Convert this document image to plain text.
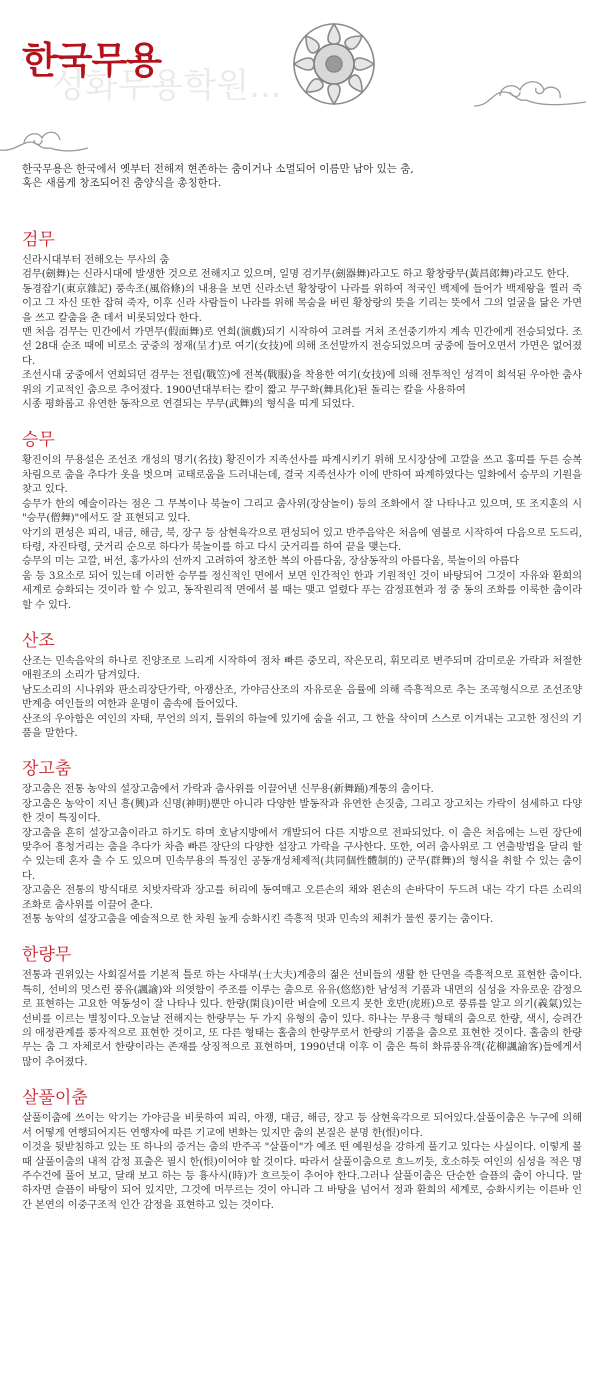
성화무용학원...
한국무용

한국무용은 한국에서 옛부터 전해져 현존하는 춤이거나 소멸되어 이름만 남아 있는 춤,

혹은 새롭게 창조되어진 춤양식을 총칭한다.

검무

신라시대부터 전해오는 무사의 춤

검무(劍舞)는 신라시대에 발생한 것으로 전해지고 있으며, 일명 검기무(劍器舞)라고도 하고 황창랑무(黃昌郎舞)라고도 한다.

동경잡기(東京雜記) 풍속조(風俗條)의 내용을 보면 신라소년 황창랑이 나라를 위하여 적국인 백제에 들어가 백제왕을 찔러 죽이고 그 자신 또한 잡혀 죽자, 이후 신라 사람들이 나라를 위해 목숨을 버린 황창랑의 뜻을 기리는 뜻에서 그의 얼굴을 닮은 가면을 쓰고 칼춤을 춘 데서 비롯되었다 한다.

맨 처음 검무는 민간에서 가면무(假面舞)로 연희(演戲)되기 시작하여 고려를 거쳐 조선중기까지 계속 민간에게 전승되었다. 조선 28대 순조 때에 비로소 궁중의 정재(呈才)로 여기(女技)에 의해 조선말까지 전승되었으며 궁중에 들어오면서 가면은 없어졌다.

조선시대 궁중에서 연희되던 검무는 전립(戰笠)에 전복(戰服)을 착용한 여기(女技)에 의해 전투적인 성격이 희석된 우아한 춤사위의 기교적인 춤으로 추어졌다. 1900년대부터는 칼이 짧고 무구화(舞具化)된 돌리는 칼을 사용하여

시종 평화롭고 유연한 동작으로 연결되는 무무(武舞)의 형식을 띠게 되었다.

승무

황진이의 무용설은 조선조 개성의 명기(名技) 황진이가 지족선사를 파계시키기 위해 모시장삼에 고깔을 쓰고 홍띠를 두른 승복차림으로 춤을 추다가 옷을 벗으며 교태로움을 드러내는데, 결국 지족선사가 이에 반하여 파계하였다는 일화에서 승무의 기원을 찾고 있다.

승무가 한의 예술이라는 점은 그 무복이나 북놀이 그리고 춤사위(장삼놀이) 등의 조화에서 잘 나타나고 있으며, 또 조지훈의 시 "승무(僧舞)"에서도 잘 표현되고 있다.

악기의 편성은 피리, 내금, 해금, 북, 장구 등 삼현육각으로 편성되어 있고 반주음악은 처음에 염불로 시작하여 다음으로 도드리, 타령, 자진타령, 굿거리 순으로 하다가 북놀이를 하고 다시 굿거리를 하여 끝을 맺는다.

승무의 미는 고깔, 버선, 홍가사의 선까지 고려하여 창조한 복의 아름다움, 장삼동작의 아름다움, 북놀이의 아름다

움 등 3요소로 되어 있는데 이러한 승무를 정신적인 면에서 보면 인간적인 한과 기원적인 것이 바탕되어 그것이 자유와 환희의 세계로 승화되는 것이라 할 수 있고, 동작원리적 면에서 볼 때는 맺고 얼렸다 푸는 감정표현과 정 중 동의 조화를 이룩한 춤이라 할 수 있다.

산조

산조는 민속음악의 하나로 진양조로 느리게 시작하여 점차 빠른 중모리, 작은모리, 휘모리로 변주되며 감미로운 가락과 처절한 애원조의 소리가 담겨있다.

남도소리의 시나위와 판소리장단가락, 아쟁산조, 가야금산조의 자유로운 음률에 의해 즉흥적으로 추는 조곡형식으로 조선조양반계층 여인들의 여한과 운명이 춤속에 들어있다.

산조의 우아함은 여인의 자태, 무언의 의지, 틀위의 하늘에 있기에 숨을 쉬고, 그 한을 삭이며 스스로 이겨내는 고고한 정신의 기품을 말한다.

장고춤

장고춤은 전통 농악의 설장고춤에서 가락과 춤사위를 이끌어낸 신무용(新舞踊)계통의 춤이다.

장고춤은 농악이 지닌 흥(興)과 신명(神明)뿐만 아니라 다양한 발동작과 유연한 손짓춤, 그리고 장고치는 가락이 섬세하고 다양한 것이 특징이다.

장고춤을 흔히 설장고춤이라고 하기도 하며 호남지방에서 개발되어 다른 지방으로 전파되었다. 이 춤은 처음에는 느린 장단에 맞추어 흥청거리는 춤을 추다가 차츰 빠른 장단의 다양한 설장고 가락을 구사한다. 또한, 여러 춤사위로 그 연출방법을 달리 할 수 있는데 혼자 출 수 도 있으며 민속무용의 특징인 공동개성체제적(共同個性體制的) 군무(群舞)의 형식을 취할 수 있는 춤이다.

장고춤은 전통의 방식대로 치밧자락과 장고를 허리에 동여매고 오른손의 채와 왼손의 손바닥이 두드려 내는 각기 다른 소리의 조화로 춤사위를 이끌어 춘다.

전통 농악의 설장고춤을 예술적으로 한 차원 높게 승화시킨 즉흥적 멋과 민속의 체취가 물씬 풍기는 춤이다.

한량무

전통과 권위있는 사회질서를 기본적 틀로 하는 사대부(士大夫)계층의 젊은 선비들의 생활 한 단면을 즉흥적으로 표현한 춤이다. 특히, 선비의 멋스런 풍유(諷諭)와 의엿함이 주조를 이루는 춤으로 유유(悠悠)한 남성적 기품과 내면의 심성을 자유로운 감정으로 표현하는 고요한 역동성이 잘 나타나 있다. 한량(閑良)이란 벼슬에 오르지 못한 호반(虎班)으로 풍류를 알고 의기(義氣)있는 선비를 이르는 별칭이다.오늘날 전해지는 한량무는 두 가지 유형의 춤이 있다. 하나는 무용극 형태의 춤으로 한량, 색시, 승려간의 애정관계를 풍자적으로 표현한 것이고, 또 다른 형태는 홀춤의 한량무로서 한량의 기품을 춤으로 표현한 것이다. 홀춤의 한량무는 춤 그 자체로서 한량이라는 존재를 상징적으로 표현하며, 1990년대 이후 이 춤은 특히 화류풍유객(花柳諷諭客)들에게서 많이 추어졌다.

살풀이춤

살풀이춤에 쓰이는 악기는 가야금을 비롯하여 피리, 아쟁, 대금, 해금, 장고 등 삼현육각으로 되어있다.살풀이춤은 누구에 의해서 어떻게 연행되어지든 연행자에 따른 기교에 변화는 있지만 춤의 본질은 분명 한(恨)이다.

이것을 뒷받침하고 있는 또 하나의 증거는 춤의 반주곡 "살풀이"가 예조 떤 예원성을 강하게 풀기고 있다는 사실이다. 이렇게 볼 때 살풀이춤의 내적 감정 표출은 필시 한(恨)이어야 할 것이다. 따라서 살풀이춤으로 흐느끼듯, 호소하듯 여인의 심성을 적은 명주수건에 풀어 보고, 달래 보고 하는 등 흉사시(時)가 흐르듯이 추어야 한다.그러나 살풀이춤은 단순한 슬픔의 춤이 아니다. 말하자면 슬픔이 바탕이 되어 있지만, 그것에 머무르는 것이 아니라 그 바탕을 넘어서 정과 환희의 세계로, 승화시키는 이른바 인간 본연의 이중구조적 인간 감정을 표현하고 있는 것이다.
